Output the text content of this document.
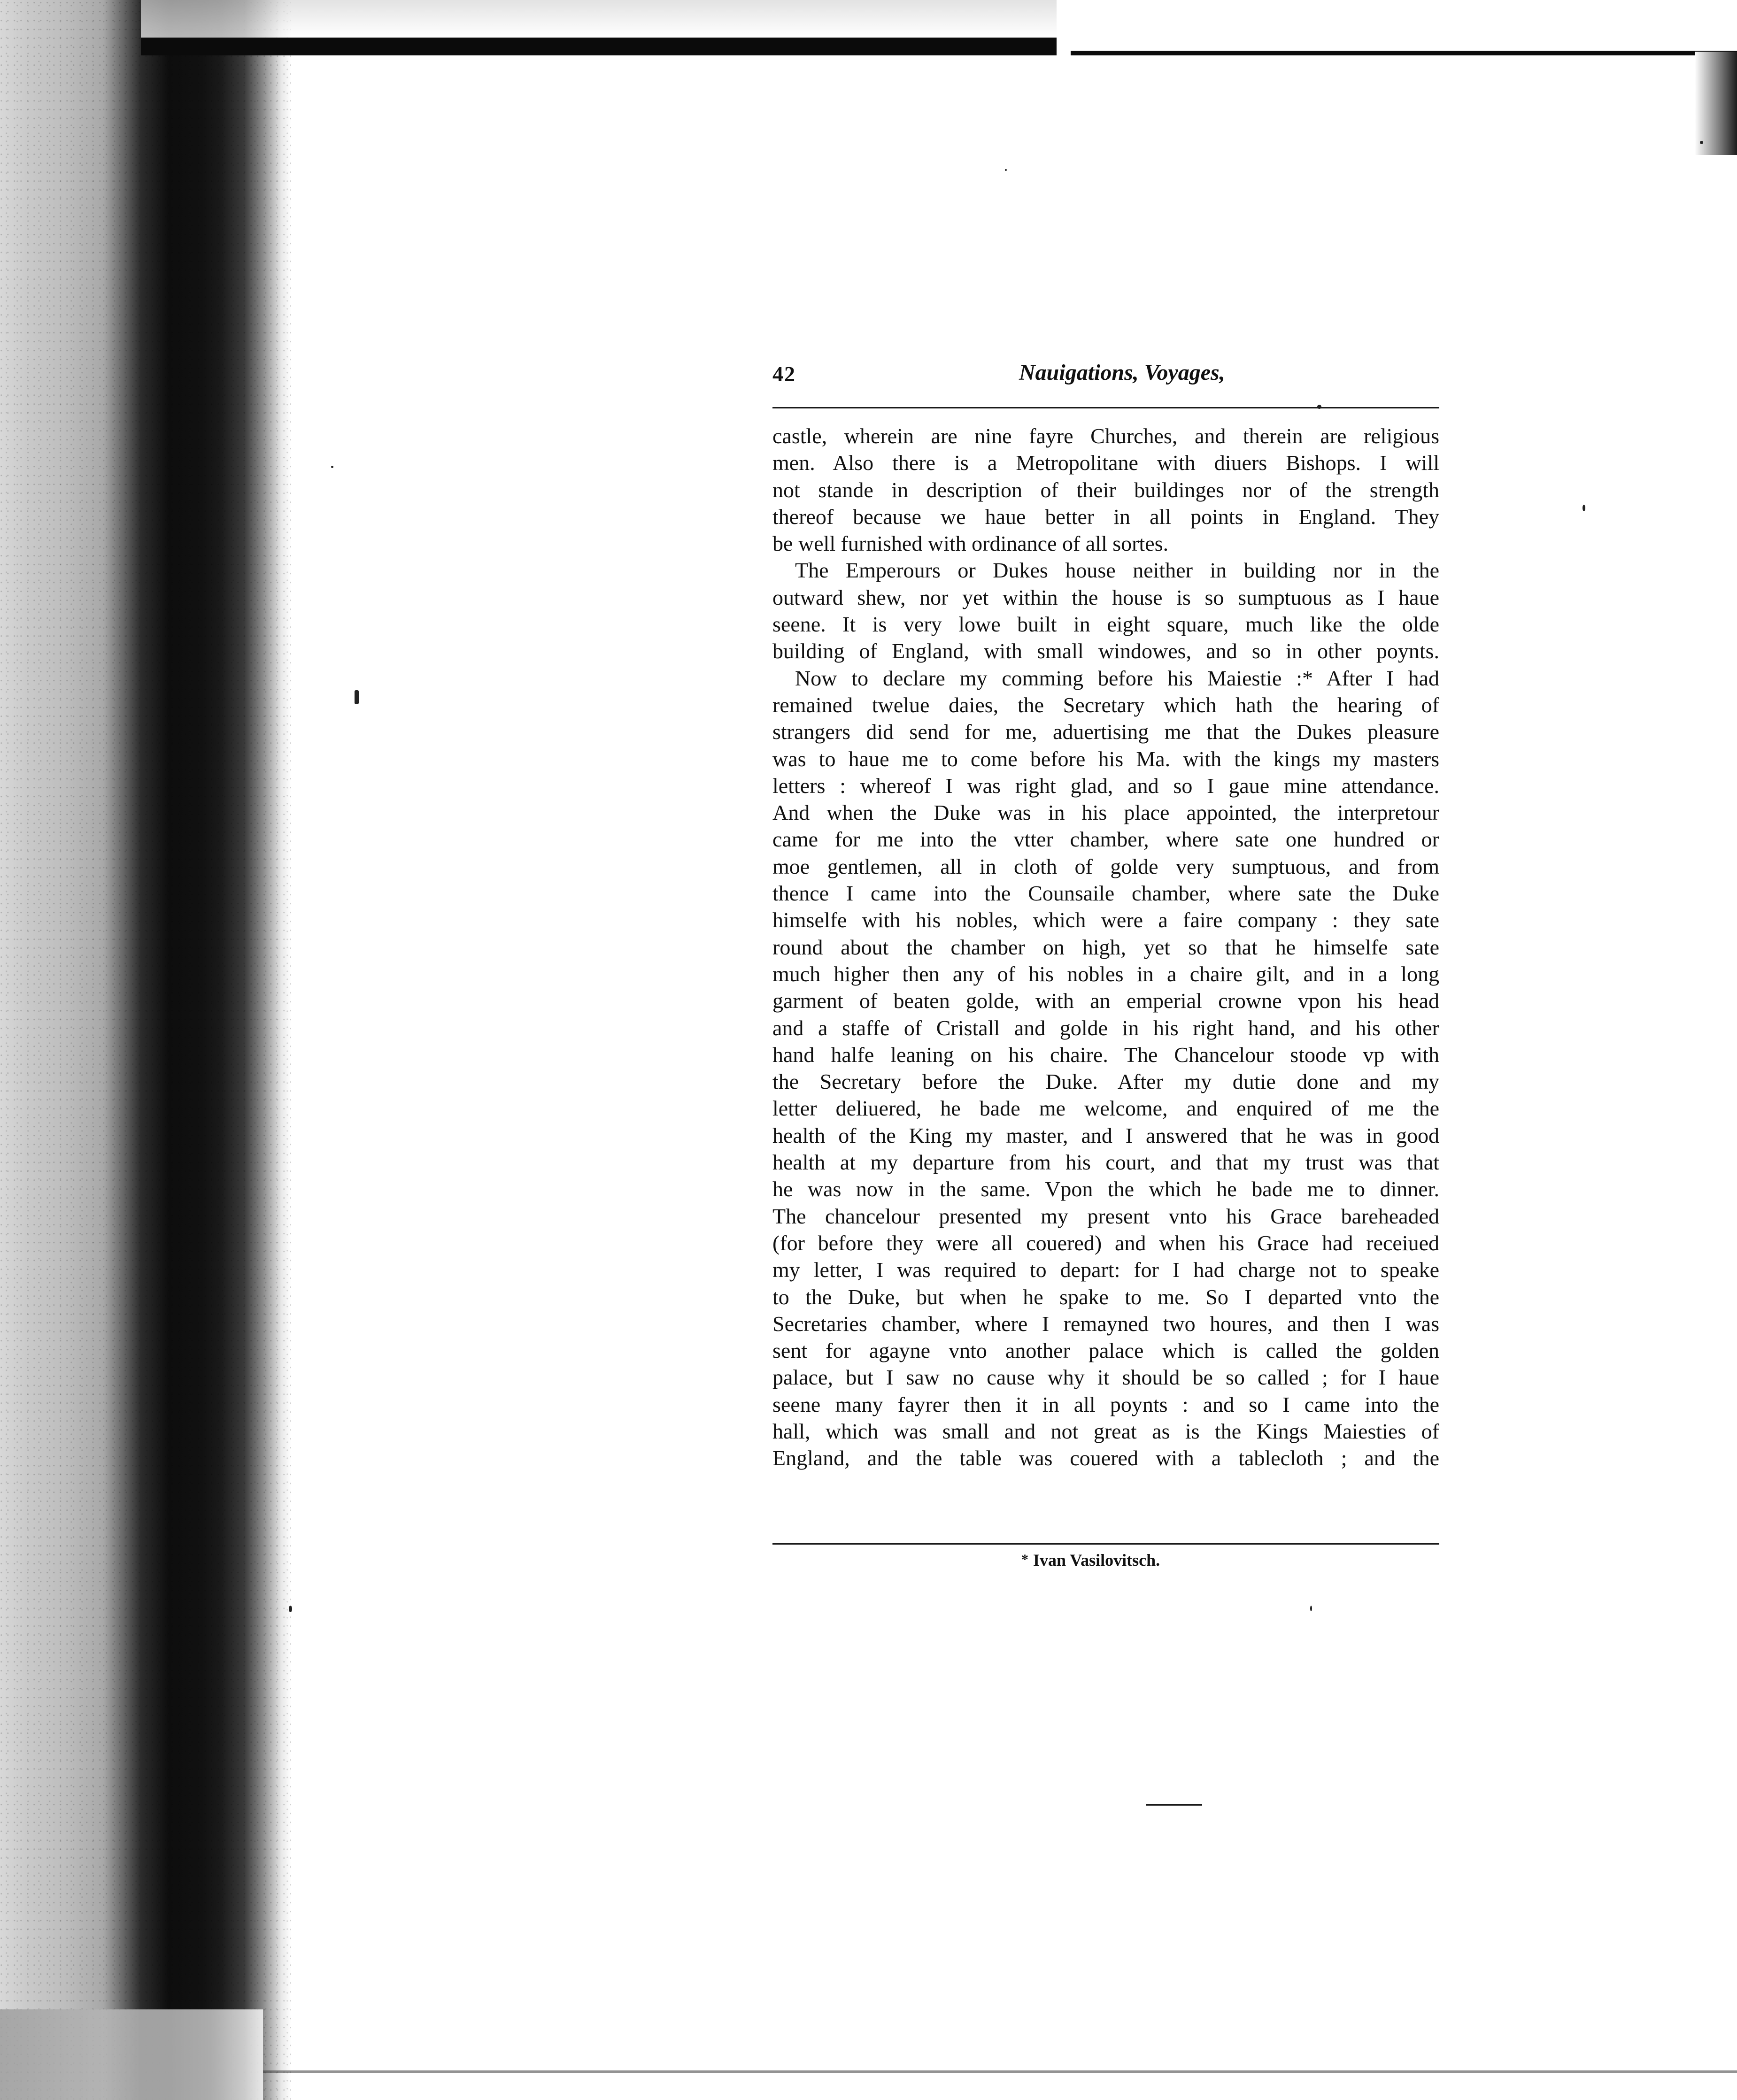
42	Nauigations, Voyages,
castle, wherein are nine fayre Churches, and therein are religious
men. Also there is a Metropolitane with diuers Bishops. I will
not stande in description of their buildinges nor of the strength
thereof because we haue better in all points in England. They
be well furnished with ordinance of all sortes.
The Emperours or Dukes house neither in building nor in the
outward shew, nor yet within the house is so sumptuous as I haue
seene. It is very lowe built in eight square, much like the olde
building of England, with small windowes, and so in other poynts.
Now to declare my comming before his Maiestie :* After I had
remained twelue daies, the Secretary which hath the hearing of
strangers did send for me, aduertising me that the Dukes pleasure
was to haue me to come before his Ma. with the kings my masters
letters : whereof I was right glad, and so I gaue mine attendance.
And when the Duke was in his place appointed, the interpretour
came for me into the vtter chamber, where sate one hundred or
moe gentlemen, all in cloth of golde very sumptuous, and from
thence I came into the Counsaile chamber, where sate the Duke
himselfe with his nobles, which were a faire company : they sate
round about the chamber on high, yet so that he himselfe sate
much higher then any of his nobles in a chaire gilt, and in a long
garment of beaten golde, with an emperial crowne vpon his head
and a staffe of Cristall and golde in his right hand, and his other
hand halfe leaning on his chaire. The Chancelour stoode vp with
the Secretary before the Duke. After my dutie done and my
letter deliuered, he bade me welcome, and enquired of me the
health of the King my master, and I answered that he was in good
health at my departure from his court, and that my trust was that
he was now in the same. Vpon the which he bade me to dinner.
The chancelour presented my present vnto his Grace bareheaded
(for before they were all couered) and when his Grace had receiued
my letter, I was required to depart: for I had charge not to speake
to the Duke, but when he spake to me. So I departed vnto the
Secretaries chamber, where I remayned two houres, and then I was
sent for agayne vnto another palace which is called the golden
palace, but I saw no cause why it should be so called ; for I haue
seene many fayrer then it in all poynts : and so I came into the
hall, which was small and not great as is the Kings Maiesties of
England, and the table was couered with a tablecloth ; and the
* Ivan Vasilovitsch.
